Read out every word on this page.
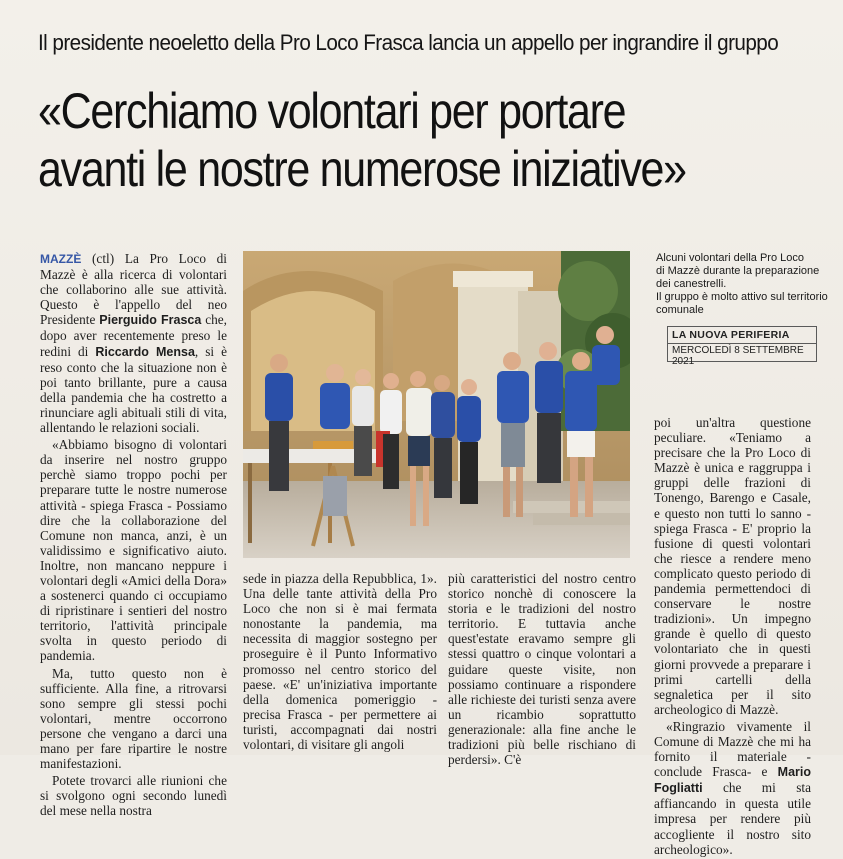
Il presidente neoeletto della Pro Loco Frasca lancia un appello per ingrandire il gruppo
«Cerchiamo volontari per portare
avanti le nostre numerose iniziative»

MAZZÈ (ctl) La Pro Loco di Mazzè è alla ricerca di volontari che collaborino alle sue attività. Questo è l'appello del neo Presidente Pierguido Frasca che, dopo aver recentemente preso le redini di Riccardo Mensa, si è reso conto che la situazione non è poi tanto brillante, pure a causa della pandemia che ha costretto a rinunciare agli abituali stili di vita, allentando le relazioni sociali.

«Abbiamo bisogno di volontari da inserire nel nostro gruppo perchè siamo troppo pochi per preparare tutte le nostre numerose attività - spiega Frasca - Possiamo dire che la collaborazione del Comune non manca, anzi, è un validissimo e significativo aiuto. Inoltre, non mancano neppure i volontari degli «Amici della Dora» a sostenerci quando ci occupiamo di ripristinare i sentieri del nostro territorio, l'attività principale svolta in questo periodo di pandemia.

Ma, tutto questo non è sufficiente. Alla fine, a ritrovarsi sono sempre gli stessi pochi volontari, mentre occorrono persone che vengano a darci una mano per fare ripartire le nostre manifestazioni.

Potete trovarci alle riunioni che si svolgono ogni secondo lunedì del mese nella nostra

Alcuni volontari della Pro Loco
di Mazzè durante la preparazione
dei canestrelli.
Il gruppo è molto attivo sul territorio
comunale
LA NUOVA PERIFERIA
MERCOLEDÌ 8 SETTEMBRE 2021

sede in piazza della Repubblica, 1». Una delle tante attività della Pro Loco che non si è mai fermata nonostante la pandemia, ma necessita di maggior sostegno per proseguire è il Punto Informativo promosso nel centro storico del paese. «E' un'iniziativa importante della domenica pomeriggio - precisa Frasca - per permettere ai turisti, accompagnati dai nostri volontari, di visitare gli angoli

più caratteristici del nostro centro storico nonchè di conoscere la storia e le tradizioni del nostro territorio. E tuttavia anche quest'estate eravamo sempre gli stessi quattro o cinque volontari a guidare queste visite, non possiamo continuare a rispondere alle richieste dei turisti senza avere un ricambio soprattutto generazionale: alla fine anche le tradizioni più belle rischiano di perdersi». C'è

poi un'altra questione peculiare. «Teniamo a precisare che la Pro Loco di Mazzè è unica e raggruppa i gruppi delle frazioni di Tonengo, Barengo e Casale, e questo non tutti lo sanno - spiega Frasca - E' proprio la fusione di questi volontari che riesce a rendere meno complicato questo periodo di pandemia permettendoci di conservare le nostre tradizioni». Un impegno grande è quello di questo volontariato che in questi giorni provvede a preparare i primi cartelli della segnaletica per il sito archeologico di Mazzè.

«Ringrazio vivamente il Comune di Mazzè che mi ha fornito il materiale - conclude Frasca- e Mario Fogliatti che mi sta affiancando in questa utile impresa per rendere più accogliente il nostro sito archeologico».
